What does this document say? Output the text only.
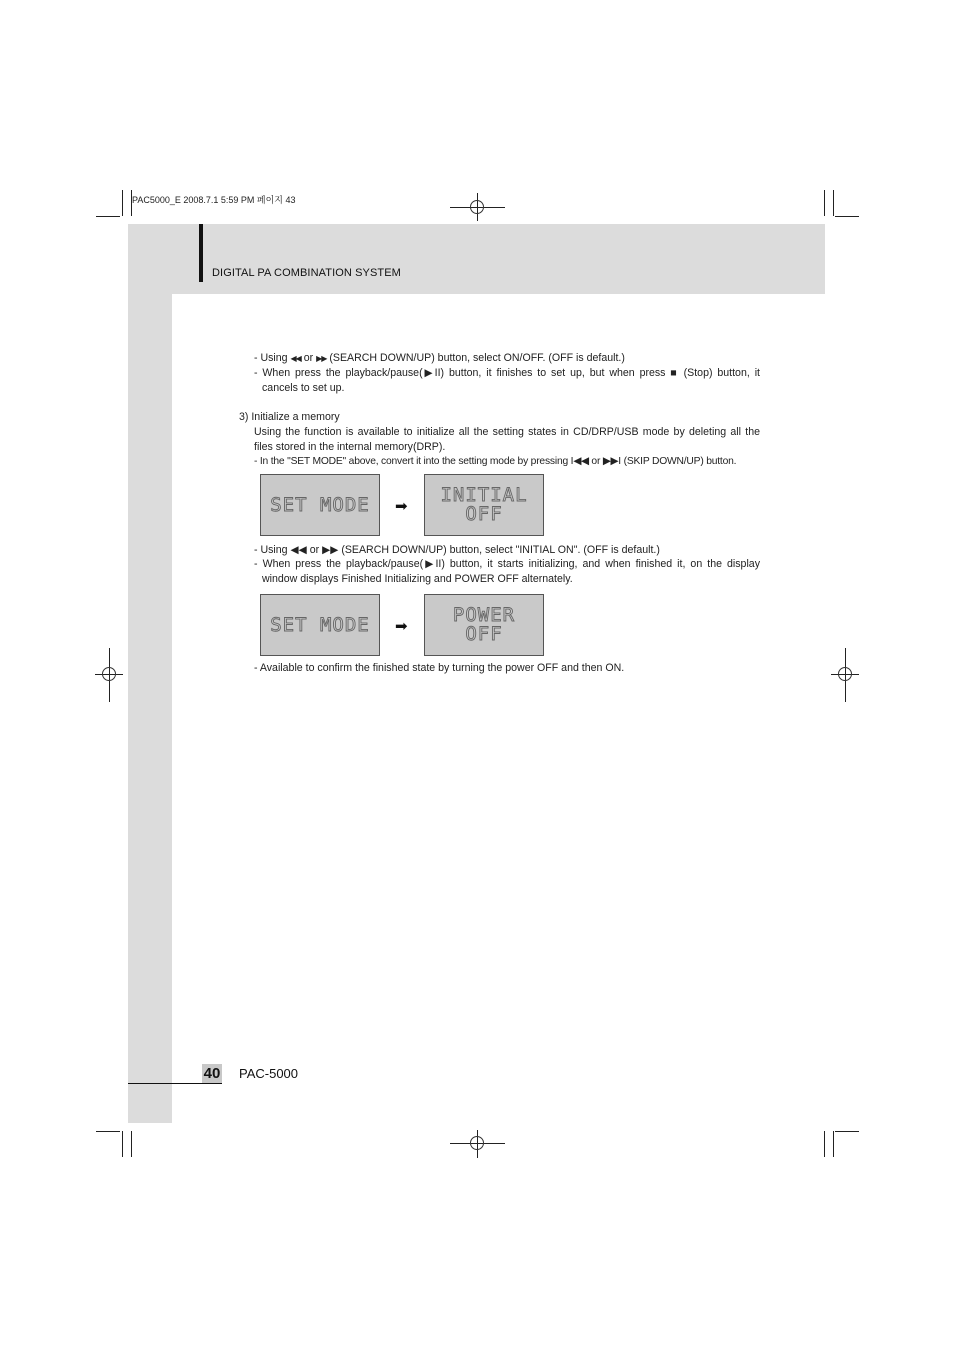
PAC5000_E 2008.7.1 5:59 PM 페이지 43
DIGITAL PA COMBINATION SYSTEM
- Using ◀◀ or ▶▶ (SEARCH DOWN/UP) button, select ON/OFF. (OFF is default.)
- When press the playback/pause(▶II) button, it finishes to set up, but when press ■ (Stop) button, it
cancels to set up.
3) Initialize a memory
Using the function is available to initialize all the setting states in CD/DRP/USB mode by deleting all the
files stored in the internal memory(DRP).
- In the "SET MODE" above, convert it into the setting mode by pressing I◀◀ or ▶▶I (SKIP DOWN/UP) button.
SET MODE ➡
INITIAL
OFF
- Using ◀◀ or ▶▶ (SEARCH DOWN/UP) button, select "INITIAL ON". (OFF is default.)
- When press the playback/pause(▶II) button, it starts initializing, and when finished it, on the display
window displays Finished Initializing and POWER OFF alternately.
SET MODE ➡
POWER
OFF
- Available to confirm the finished state by turning the power OFF and then ON.
40 PAC-5000
